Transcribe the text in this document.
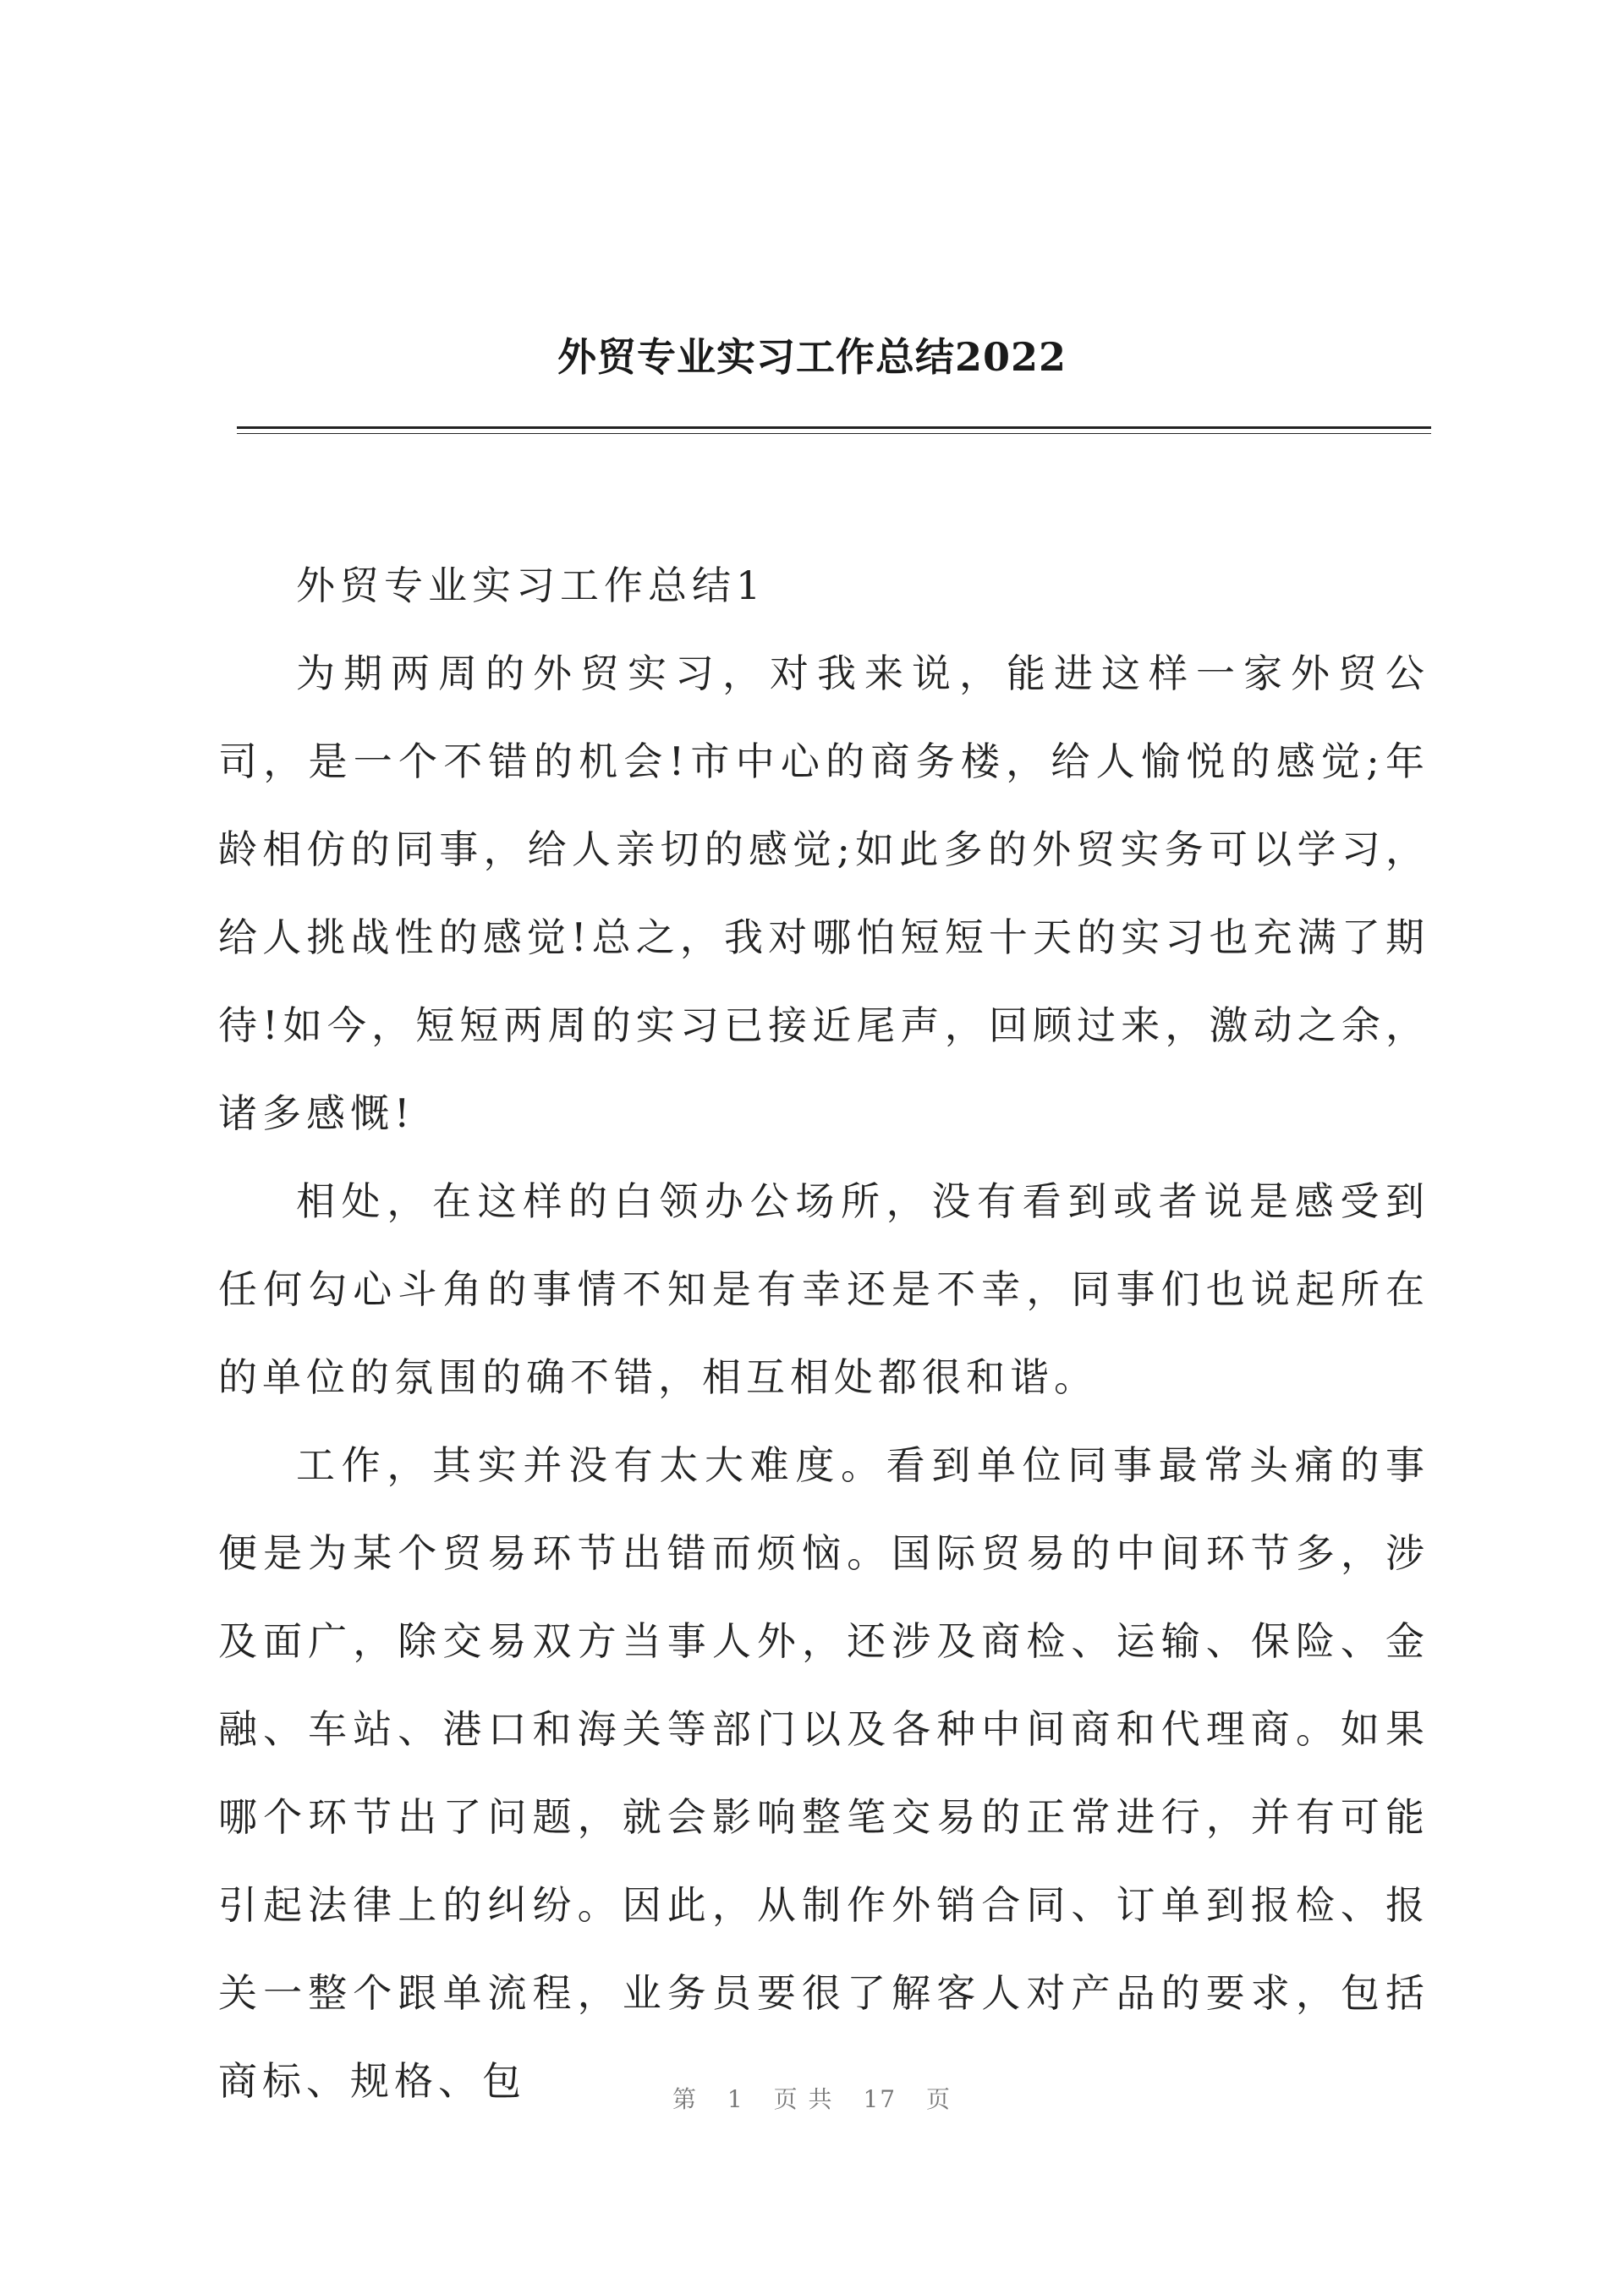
外贸专业实习工作总结2022

外贸专业实习工作总结1

为期两周的外贸实习，对我来说，能进这样一家外贸公司，是一个不错的机会!市中心的商务楼，给人愉悦的感觉;年龄相仿的同事，给人亲切的感觉;如此多的外贸实务可以学习，给人挑战性的感觉!总之，我对哪怕短短十天的实习也充满了期待!如今，短短两周的实习已接近尾声，回顾过来，激动之余，诸多感慨!

相处，在这样的白领办公场所，没有看到或者说是感受到任何勾心斗角的事情不知是有幸还是不幸，同事们也说起所在的单位的氛围的确不错，相互相处都很和谐。

工作，其实并没有太大难度。看到单位同事最常头痛的事便是为某个贸易环节出错而烦恼。国际贸易的中间环节多，涉及面广，除交易双方当事人外，还涉及商检、运输、保险、金融、车站、港口和海关等部门以及各种中间商和代理商。如果哪个环节出了问题，就会影响整笔交易的正常进行，并有可能引起法律上的纠纷。因此，从制作外销合同、订单到报检、报关一整个跟单流程，业务员要很了解客人对产品的要求，包括商标、规格、包	第 1 页 共 17 页
